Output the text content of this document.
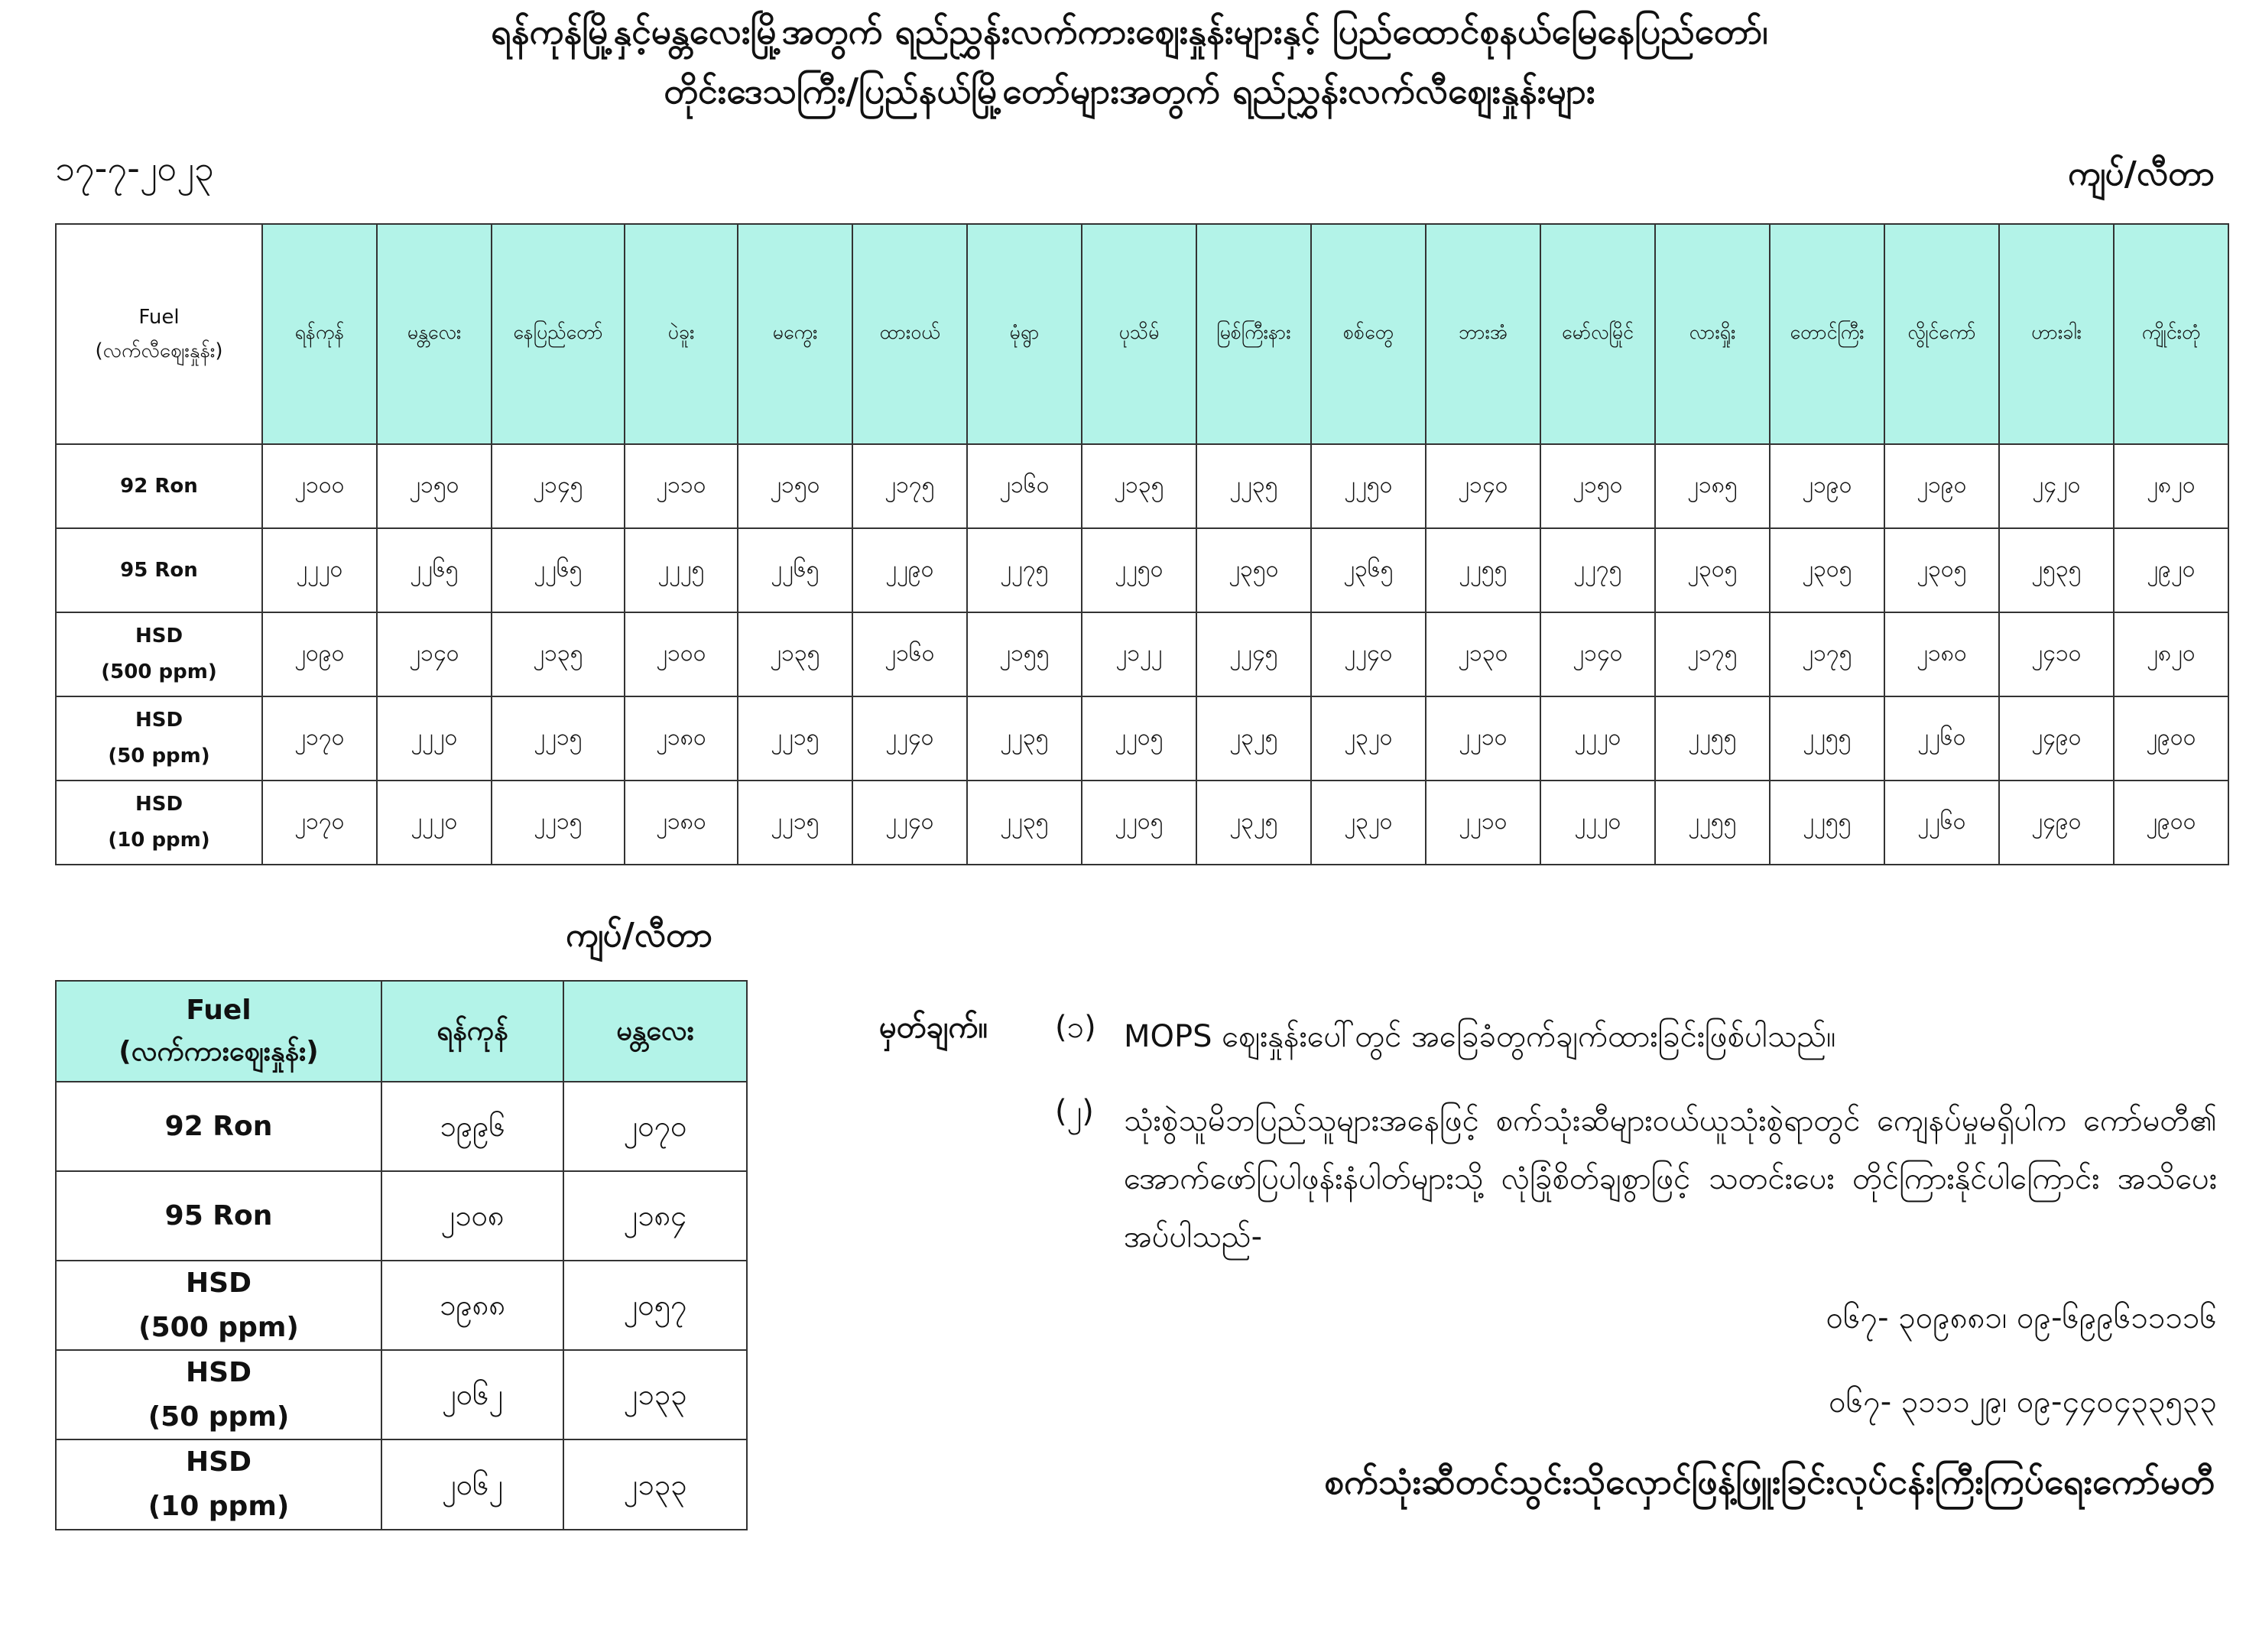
ရန်ကုန်မြို့နှင့်မန္တလေးမြို့အတွက် ရည်ညွှန်းလက်ကားဈေးနှုန်းများနှင့် ပြည်ထောင်စုနယ်မြေနေပြည်တော်၊
တိုင်းဒေသကြီး/ပြည်နယ်မြို့တော်များအတွက် ရည်ညွှန်းလက်လီဈေးနှုန်းများ
၁၇-၇-၂၀၂၃	ကျပ်/လီတာ
Fuel
(လက်လီဈေးနှုန်း)	ရန်ကုန်	မန္တလေး	နေပြည်တော်	ပဲခူး	မကွေး	ထားဝယ်	မုံရွာ	ပုသိမ်	မြစ်ကြီးနား	စစ်တွေ	ဘားအံ	မော်လမြိုင်	လားရှိုး	တောင်ကြီး	လွိုင်ကော်	ဟားခါး	ကျိုင်းတုံ

92 Ron	၂၁၀၀	၂၁၅၀	၂၁၄၅	၂၁၁၀	၂၁၅၀	၂၁၇၅	၂၁၆၀	၂၁၃၅	၂၂၃၅	၂၂၅၀	၂၁၄၀	၂၁၅၀	၂၁၈၅	၂၁၉၀	၂၁၉၀	၂၄၂၀	၂၈၂၀

95 Ron	၂၂၂၀	၂၂၆၅	၂၂၆၅	၂၂၂၅	၂၂၆၅	၂၂၉၀	၂၂၇၅	၂၂၅၀	၂၃၅၀	၂၃၆၅	၂၂၅၅	၂၂၇၅	၂၃၀၅	၂၃၀၅	၂၃၀၅	၂၅၃၅	၂၉၂၀

HSD
(500 ppm)	၂၀၉၀	၂၁၄၀	၂၁၃၅	၂၁၀၀	၂၁၃၅	၂၁၆၀	၂၁၅၅	၂၁၂၂	၂၂၄၅	၂၂၄၀	၂၁၃၀	၂၁၄၀	၂၁၇၅	၂၁၇၅	၂၁၈၀	၂၄၁၀	၂၈၂၀

HSD
(50 ppm)	၂၁၇၀	၂၂၂၀	၂၂၁၅	၂၁၈၀	၂၂၁၅	၂၂၄၀	၂၂၃၅	၂၂၀၅	၂၃၂၅	၂၃၂၀	၂၂၁၀	၂၂၂၀	၂၂၅၅	၂၂၅၅	၂၂၆၀	၂၄၉၀	၂၉၀၀

HSD
(10 ppm)	၂၁၇၀	၂၂၂၀	၂၂၁၅	၂၁၈၀	၂၂၁၅	၂၂၄၀	၂၂၃၅	၂၂၀၅	၂၃၂၅	၂၃၂၀	၂၂၁၀	၂၂၂၀	၂၂၅၅	၂၂၅၅	၂၂၆၀	၂၄၉၀	၂၉၀၀
ကျပ်/လီတာ
Fuel
(လက်ကားဈေးနှုန်း)	ရန်ကုန်	မန္တလေး

92 Ron	၁၉၉၆	၂၀၇၀

95 Ron	၂၁၀၈	၂၁၈၄

HSD
(500 ppm)	၁၉၈၈	၂၀၅၇

HSD
(50 ppm)	၂၀၆၂	၂၁၃၃

HSD
(10 ppm)	၂၀၆၂	၂၁၃၃
မှတ်ချက်။ (၁) MOPS ဈေးနှုန်းပေါ်တွင် အခြေခံတွက်ချက်ထားခြင်းဖြစ်ပါသည်။
(၂) သုံးစွဲသူမိဘပြည်သူများအနေဖြင့် စက်သုံးဆီများဝယ်ယူသုံးစွဲရာတွင် ကျေနပ်မှုမရှိပါက ကော်မတီ၏ အောက်ဖော်ပြပါဖုန်းနံပါတ်များသို့ လုံခြုံစိတ်ချစွာဖြင့် သတင်းပေး တိုင်ကြားနိုင်ပါကြောင်း အသိပေးအပ်ပါသည်-
၀၆၇- ၃၀၉၈၈၁၊ ၀၉-၆၉၉၆၁၁၁၁၆
၀၆၇- ၃၁၁၁၂၉၊ ၀၉-၄၄၀၄၃၃၅၃၃
စက်သုံးဆီတင်သွင်းသိုလှောင်ဖြန့်ဖြူးခြင်းလုပ်ငန်းကြီးကြပ်ရေးကော်မတီ
